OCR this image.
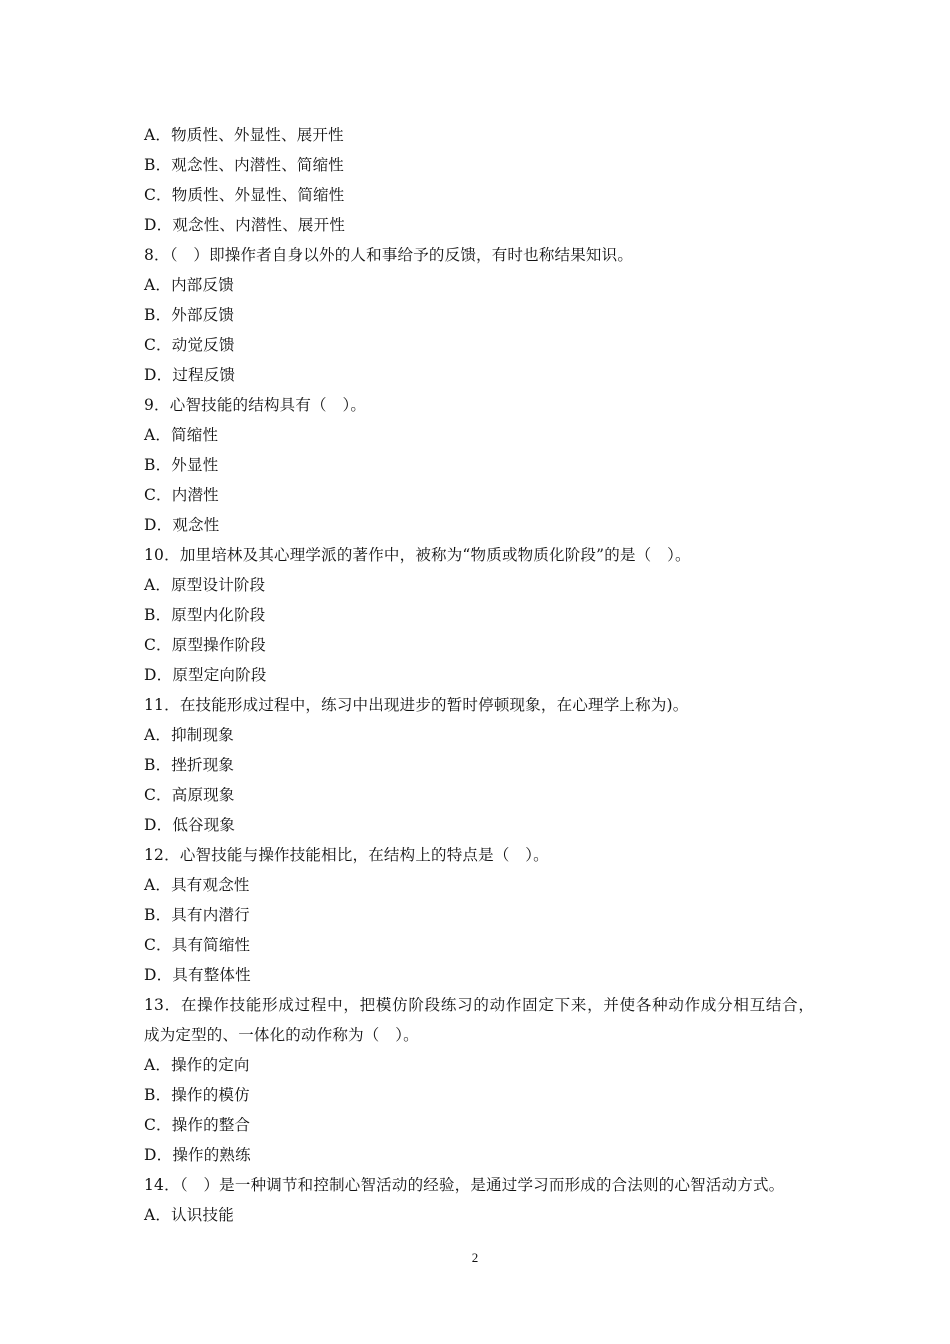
A．物质性、外显性、展开性
B．观念性、内潜性、简缩性
C．物质性、外显性、简缩性
D．观念性、内潜性、展开性
8．（　）即操作者自身以外的人和事给予的反馈，有时也称结果知识。
A．内部反馈
B．外部反馈
C．动觉反馈
D．过程反馈
9．心智技能的结构具有（　）。
A．简缩性
B．外显性
C．内潜性
D．观念性
10．加里培林及其心理学派的著作中，被称为“物质或物质化阶段”的是（　）。
A．原型设计阶段
B．原型内化阶段
C．原型操作阶段
D．原型定向阶段
11．在技能形成过程中，练习中出现进步的暂时停顿现象，在心理学上称为)。
A．抑制现象
B．挫折现象
C．高原现象
D．低谷现象
12．心智技能与操作技能相比，在结构上的特点是（　）。
A．具有观念性
B．具有内潜行
C．具有简缩性
D．具有整体性
13．在操作技能形成过程中，把模仿阶段练习的动作固定下来，并使各种动作成分相互结合，
成为定型的、一体化的动作称为（　）。
A．操作的定向
B．操作的模仿
C．操作的整合
D．操作的熟练
14．（　）是一种调节和控制心智活动的经验，是通过学习而形成的合法则的心智活动方式。
A．认识技能
2
